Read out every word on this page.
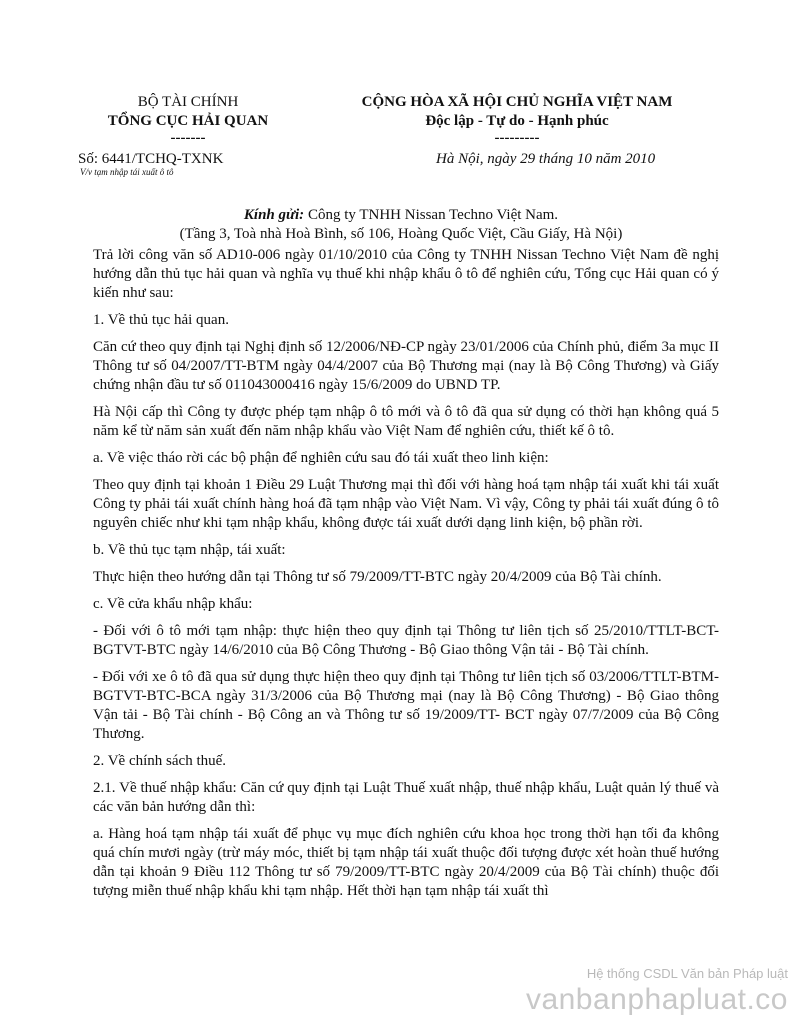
BỘ TÀI CHÍNH
TỔNG CỤC HẢI QUAN
-------
CỘNG HÒA XÃ HỘI CHỦ NGHĨA VIỆT NAM
Độc lập - Tự do - Hạnh phúc
---------
Số: 6441/TCHQ-TXNK
V/v tạm nhập tái xuất ô tô
Hà Nội, ngày 29 tháng 10 năm 2010
Kính gửi: Công ty TNHH Nissan Techno Việt Nam.
(Tầng 3, Toà nhà Hoà Bình, số 106, Hoàng Quốc Việt, Cầu Giấy, Hà Nội)

Trả lời công văn số AD10-006 ngày 01/10/2010 của Công ty TNHH Nissan Techno Việt Nam đề nghị hướng dẫn thủ tục hải quan và nghĩa vụ thuế khi nhập khẩu ô tô để nghiên cứu, Tổng cục Hải quan có ý kiến như sau:

1. Về thủ tục hải quan.

Căn cứ theo quy định tại Nghị định số 12/2006/NĐ-CP ngày 23/01/2006 của Chính phủ, điểm 3a mục II Thông tư số 04/2007/TT-BTM ngày 04/4/2007 của Bộ Thương mại (nay là Bộ Công Thương) và Giấy chứng nhận đầu tư số 011043000416 ngày 15/6/2009 do UBND TP.

Hà Nội cấp thì Công ty được phép tạm nhập ô tô mới và ô tô đã qua sử dụng có thời hạn không quá 5 năm kể từ năm sản xuất đến năm nhập khẩu vào Việt Nam để nghiên cứu, thiết kế ô tô.

a. Về việc tháo rời các bộ phận để nghiên cứu sau đó tái xuất theo linh kiện:

Theo quy định tại khoản 1 Điều 29 Luật Thương mại thì đối với hàng hoá tạm nhập tái xuất khi tái xuất Công ty phải tái xuất chính hàng hoá đã tạm nhập vào Việt Nam. Vì vậy, Công ty phải tái xuất đúng ô tô nguyên chiếc như khi tạm nhập khẩu, không được tái xuất dưới dạng linh kiện, bộ phần rời.

b. Về thủ tục tạm nhập, tái xuất:

Thực hiện theo hướng dẫn tại Thông tư số 79/2009/TT-BTC ngày 20/4/2009 của Bộ Tài chính.

c. Về cửa khẩu nhập khẩu:

- Đối với ô tô mới tạm nhập: thực hiện theo quy định tại Thông tư liên tịch số 25/2010/TTLT-BCT-BGTVT-BTC ngày 14/6/2010 của Bộ Công Thương - Bộ Giao thông Vận tải - Bộ Tài chính.

- Đối với xe ô tô đã qua sử dụng thực hiện theo quy định tại Thông tư liên tịch số 03/2006/TTLT-BTM-BGTVT-BTC-BCA ngày 31/3/2006 của Bộ Thương mại (nay là Bộ Công Thương) - Bộ Giao thông Vận tải - Bộ Tài chính - Bộ Công an và Thông tư số 19/2009/TT- BCT ngày 07/7/2009 của Bộ Công Thương.

2. Về chính sách thuế.

2.1. Về thuế nhập khẩu: Căn cứ quy định tại Luật Thuế xuất nhập, thuế nhập khẩu, Luật quản lý thuế và các văn bản hướng dẫn thì:

a. Hàng hoá tạm nhập tái xuất để phục vụ mục đích nghiên cứu khoa học trong thời hạn tối đa không quá chín mươi ngày (trừ máy móc, thiết bị tạm nhập tái xuất thuộc đối tượng được xét hoàn thuế hướng dẫn tại khoản 9 Điều 112 Thông tư số 79/2009/TT-BTC ngày 20/4/2009 của Bộ Tài chính) thuộc đối tượng miễn thuế nhập khẩu khi tạm nhập. Hết thời hạn tạm nhập tái xuất thì

Hệ thống CSDL Văn bản Pháp luật
vanbanphapluat.co
